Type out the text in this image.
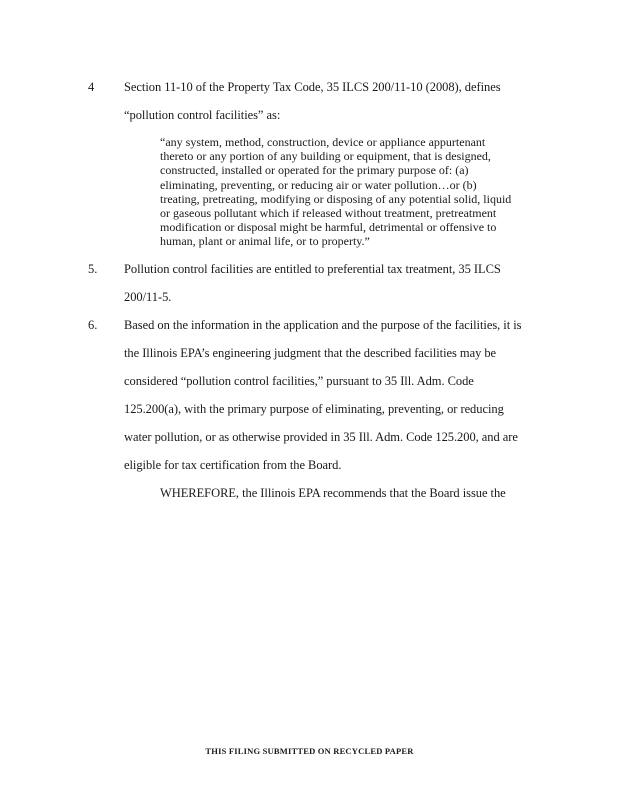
4 Section 11-10 of the Property Tax Code, 35 ILCS 200/11-10 (2008), defines
“pollution control facilities” as:
“any system, method, construction, device or appliance appurtenant
thereto or any portion of any building or equipment, that is designed,
constructed, installed or operated for the primary purpose of: (a)
eliminating, preventing, or reducing air or water pollution…or (b)
treating, pretreating, modifying or disposing of any potential solid, liquid
or gaseous pollutant which if released without treatment, pretreatment
modification or disposal might be harmful, detrimental or offensive to
human, plant or animal life, or to property.”
5. Pollution control facilities are entitled to preferential tax treatment, 35 ILCS
200/11-5.
6. Based on the information in the application and the purpose of the facilities, it is
the Illinois EPA’s engineering judgment that the described facilities may be
considered “pollution control facilities,” pursuant to 35 Ill. Adm. Code
125.200(a), with the primary purpose of eliminating, preventing, or reducing
water pollution, or as otherwise provided in 35 Ill. Adm. Code 125.200, and are
eligible for tax certification from the Board.
WHEREFORE, the Illinois EPA recommends that the Board issue the
THIS FILING SUBMITTED ON RECYCLED PAPER
